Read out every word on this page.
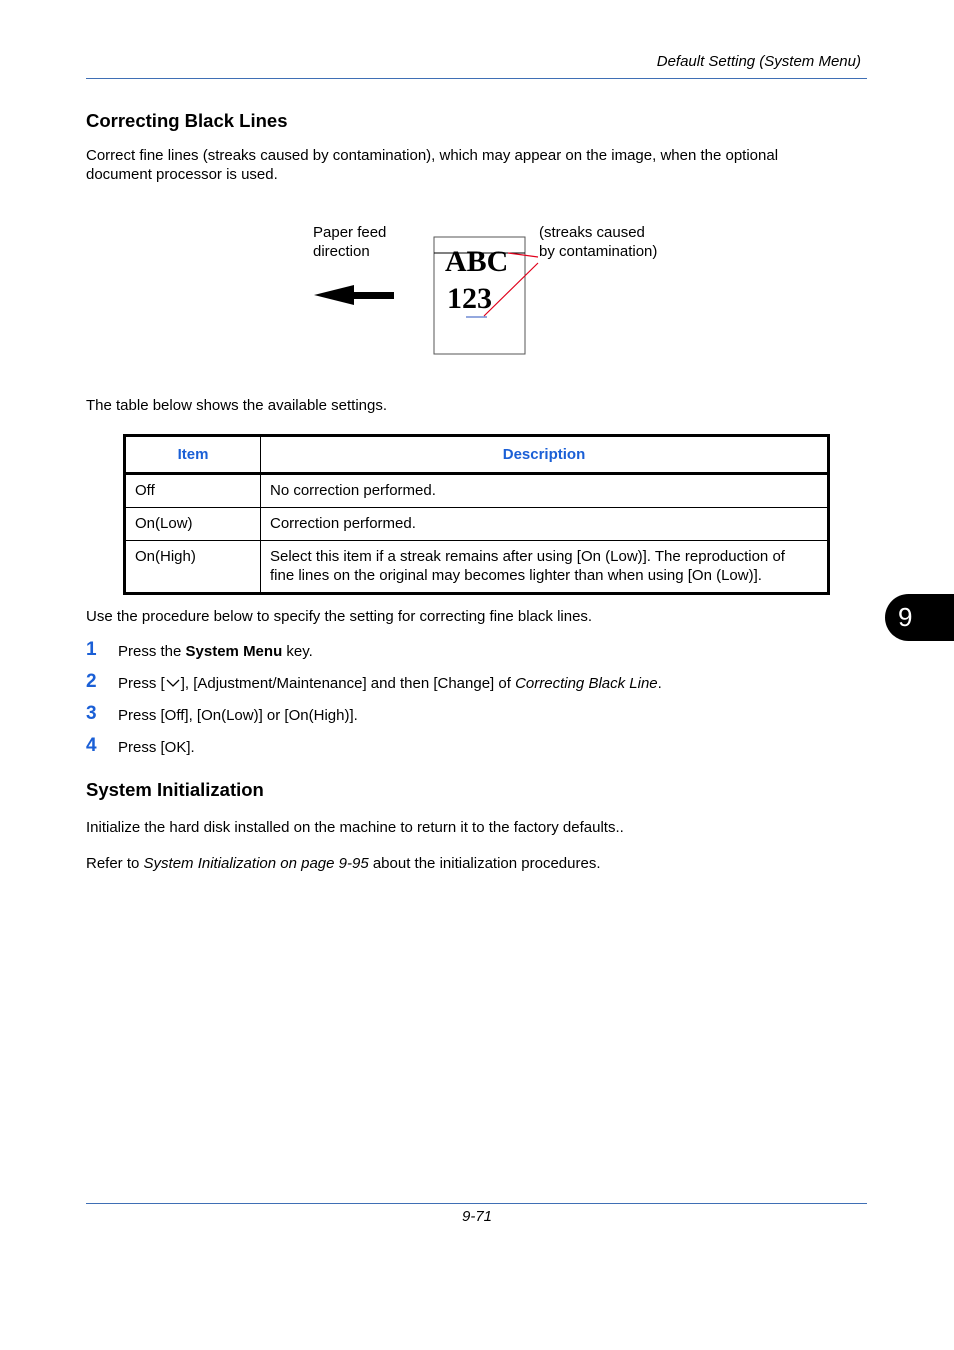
Default Setting (System Menu)
Correcting Black Lines
Correct fine lines (streaks caused by contamination), which may appear on the image, when the optional
document processor is used.
Paper feed
direction
(streaks caused
by contamination)
ABC
123
The table below shows the available settings.
Item	Description
Off	No correction performed.
On(Low)	Correction performed.
On(High)	Select this item if a streak remains after using [On (Low)]. The reproduction of
fine lines on the original may becomes lighter than when using [On (Low)].
Use the procedure below to specify the setting for correcting fine black lines.
1 Press the System Menu key.
2 Press [ ], [Adjustment/Maintenance] and then [Change] of Correcting Black Line.
3 Press [Off], [On(Low)] or [On(High)].
4 Press [OK].
System Initialization
Initialize the hard disk installed on the machine to return it to the factory defaults..
Refer to System Initialization on page 9-95 about the initialization procedures.
9
9-71
